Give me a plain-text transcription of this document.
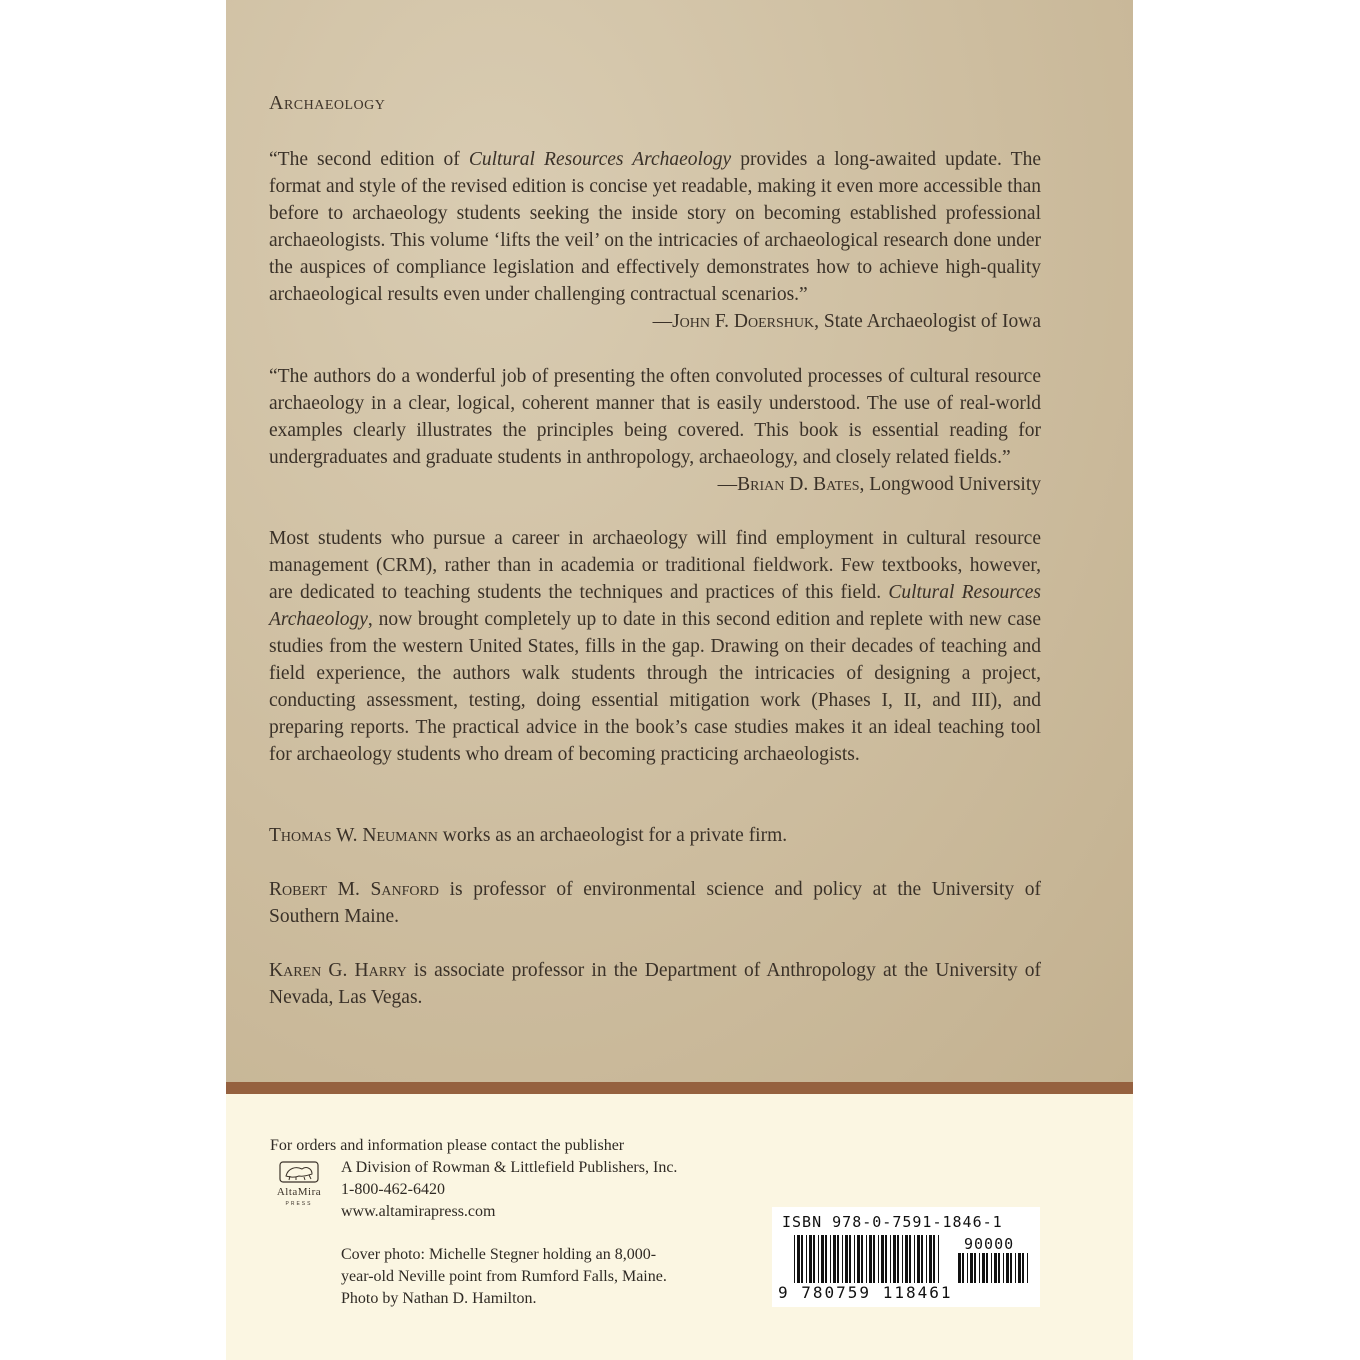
Archaeology

“The second edition of Cultural Resources Archaeology provides a long-awaited update. The format and style of the revised edition is concise yet readable, making it even more accessible than before to archaeology students seeking the inside story on becoming established professional archaeologists. This volume ‘lifts the veil’ on the intricacies of archaeological research done under the auspices of compliance legislation and effectively demonstrates how to achieve high-quality archaeological results even under challenging contractual scenarios.”
—John F. Doershuk, State Archaeologist of Iowa

“The authors do a wonderful job of presenting the often convoluted processes of cultural resource archaeology in a clear, logical, coherent manner that is easily understood. The use of real-world examples clearly illustrates the principles being covered. This book is essential reading for undergraduates and graduate students in anthropology, archaeology, and closely related fields.”
—Brian D. Bates, Longwood University

Most students who pursue a career in archaeology will find employment in cultural resource management (CRM), rather than in academia or traditional fieldwork. Few textbooks, however, are dedicated to teaching students the techniques and practices of this field. Cultural Resources Archaeology, now brought completely up to date in this second edition and replete with new case studies from the western United States, fills in the gap. Drawing on their decades of teaching and field experience, the authors walk students through the intricacies of designing a project, conducting assessment, testing, doing essential mitigation work (Phases I, II, and III), and preparing reports. The practical advice in the book’s case studies makes it an ideal teaching tool for archaeology students who dream of becoming practicing archaeologists.

Thomas W. Neumann works as an archaeologist for a private firm.

Robert M. Sanford is professor of environmental science and policy at the University of Southern Maine.

Karen G. Harry is associate professor in the Department of Anthropology at the University of Nevada, Las Vegas.

For orders and information please contact the publisher
AltaMira
PRESS
A Division of Rowman & Littlefield Publishers, Inc.
1-800-462-6420
www.altamirapress.com
Cover photo: Michelle Stegner holding an 8,000-
year-old Neville point from Rumford Falls, Maine.
Photo by Nathan D. Hamilton.
ISBN 978-0-7591-1846-1
90000
9 780759 118461
